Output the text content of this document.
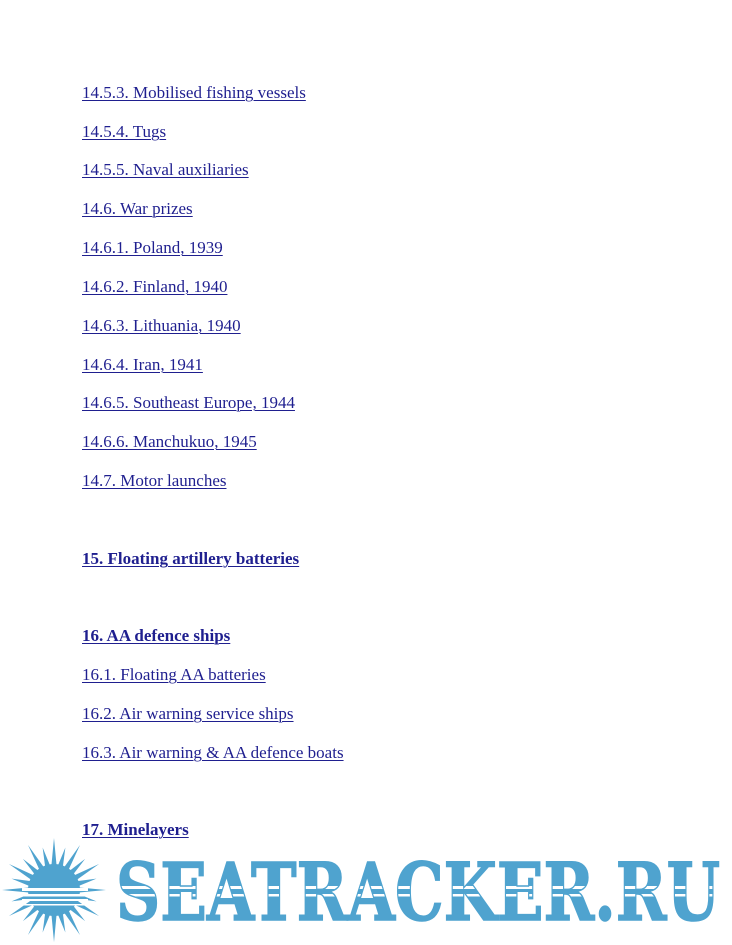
14.5.3. Mobilised fishing vessels
14.5.4. Tugs
14.5.5. Naval auxiliaries
14.6. War prizes
14.6.1. Poland, 1939
14.6.2. Finland, 1940
14.6.3. Lithuania, 1940
14.6.4. Iran, 1941
14.6.5. Southeast Europe, 1944
14.6.6. Manchukuo, 1945
14.7. Motor launches
15. Floating artillery batteries
16. AA defence ships
16.1. Floating AA batteries
16.2. Air warning service ships
16.3. Air warning & AA defence boats
17. Minelayers
SEATRACKER.RU
